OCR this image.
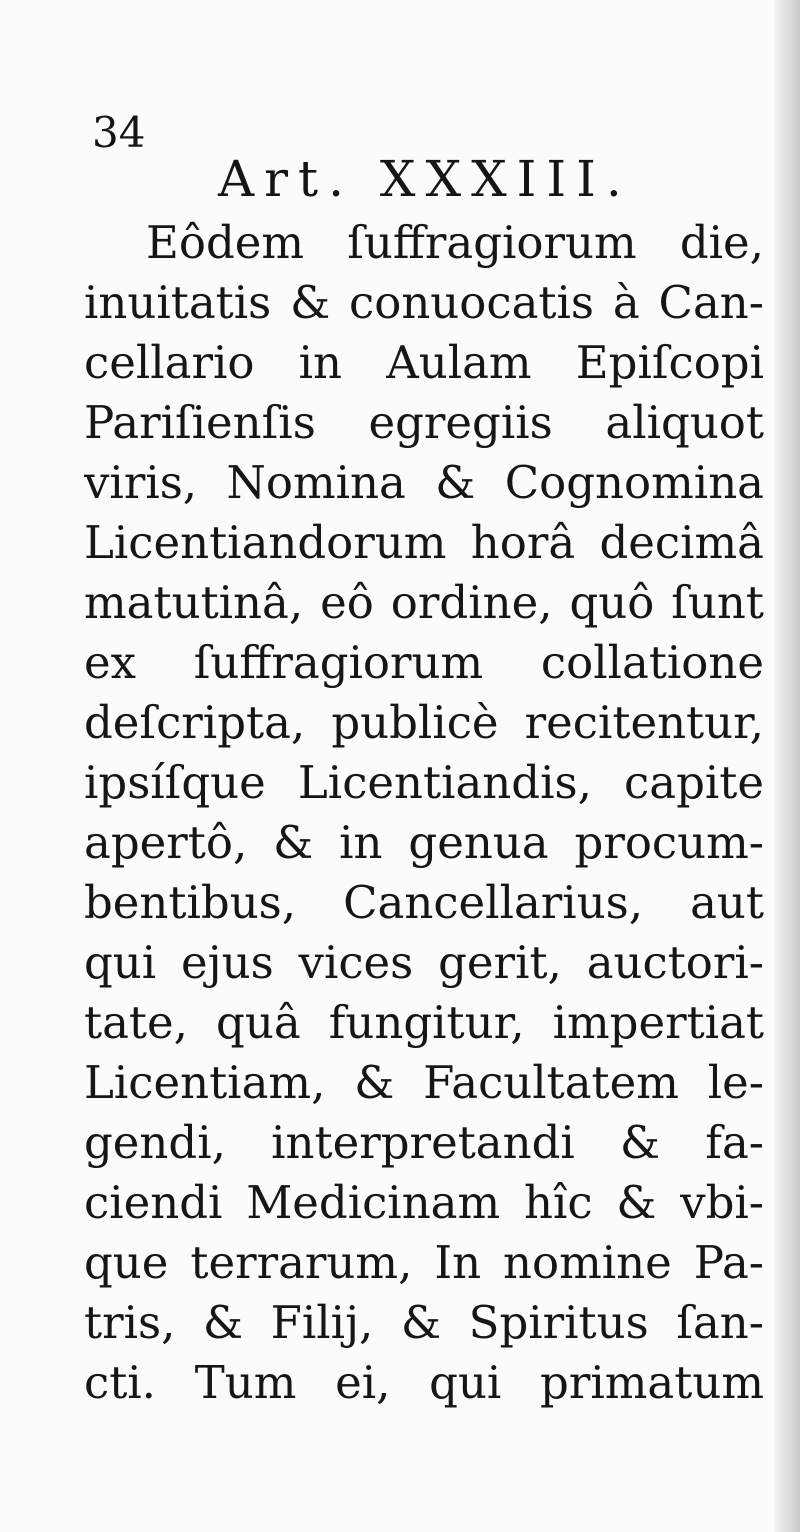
34

Art. XXXIII.
Eôdem ſuffragiorum die,
inuitatis & conuocatis à Can-
cellario in Aulam Epiſcopi
Pariſienſis egregiis aliquot
viris, Nomina & Cognomina
Licentiandorum horâ decimâ
matutinâ, eô ordine, quô ſunt
ex ſuffragiorum collatione
deſcripta, publicè recitentur,
ipsíſque Licentiandis, capite
apertô, & in genua procum-
bentibus, Cancellarius, aut
qui ejus vices gerit, auctori-
tate, quâ fungitur, impertiat
Licentiam, & Facultatem le-
gendi, interpretandi & fa-
ciendi Medicinam hîc & vbi-
que terrarum, In nomine Pa-
tris, & Filij, & Spiritus ſan-
cti. Tum ei, qui primatum
